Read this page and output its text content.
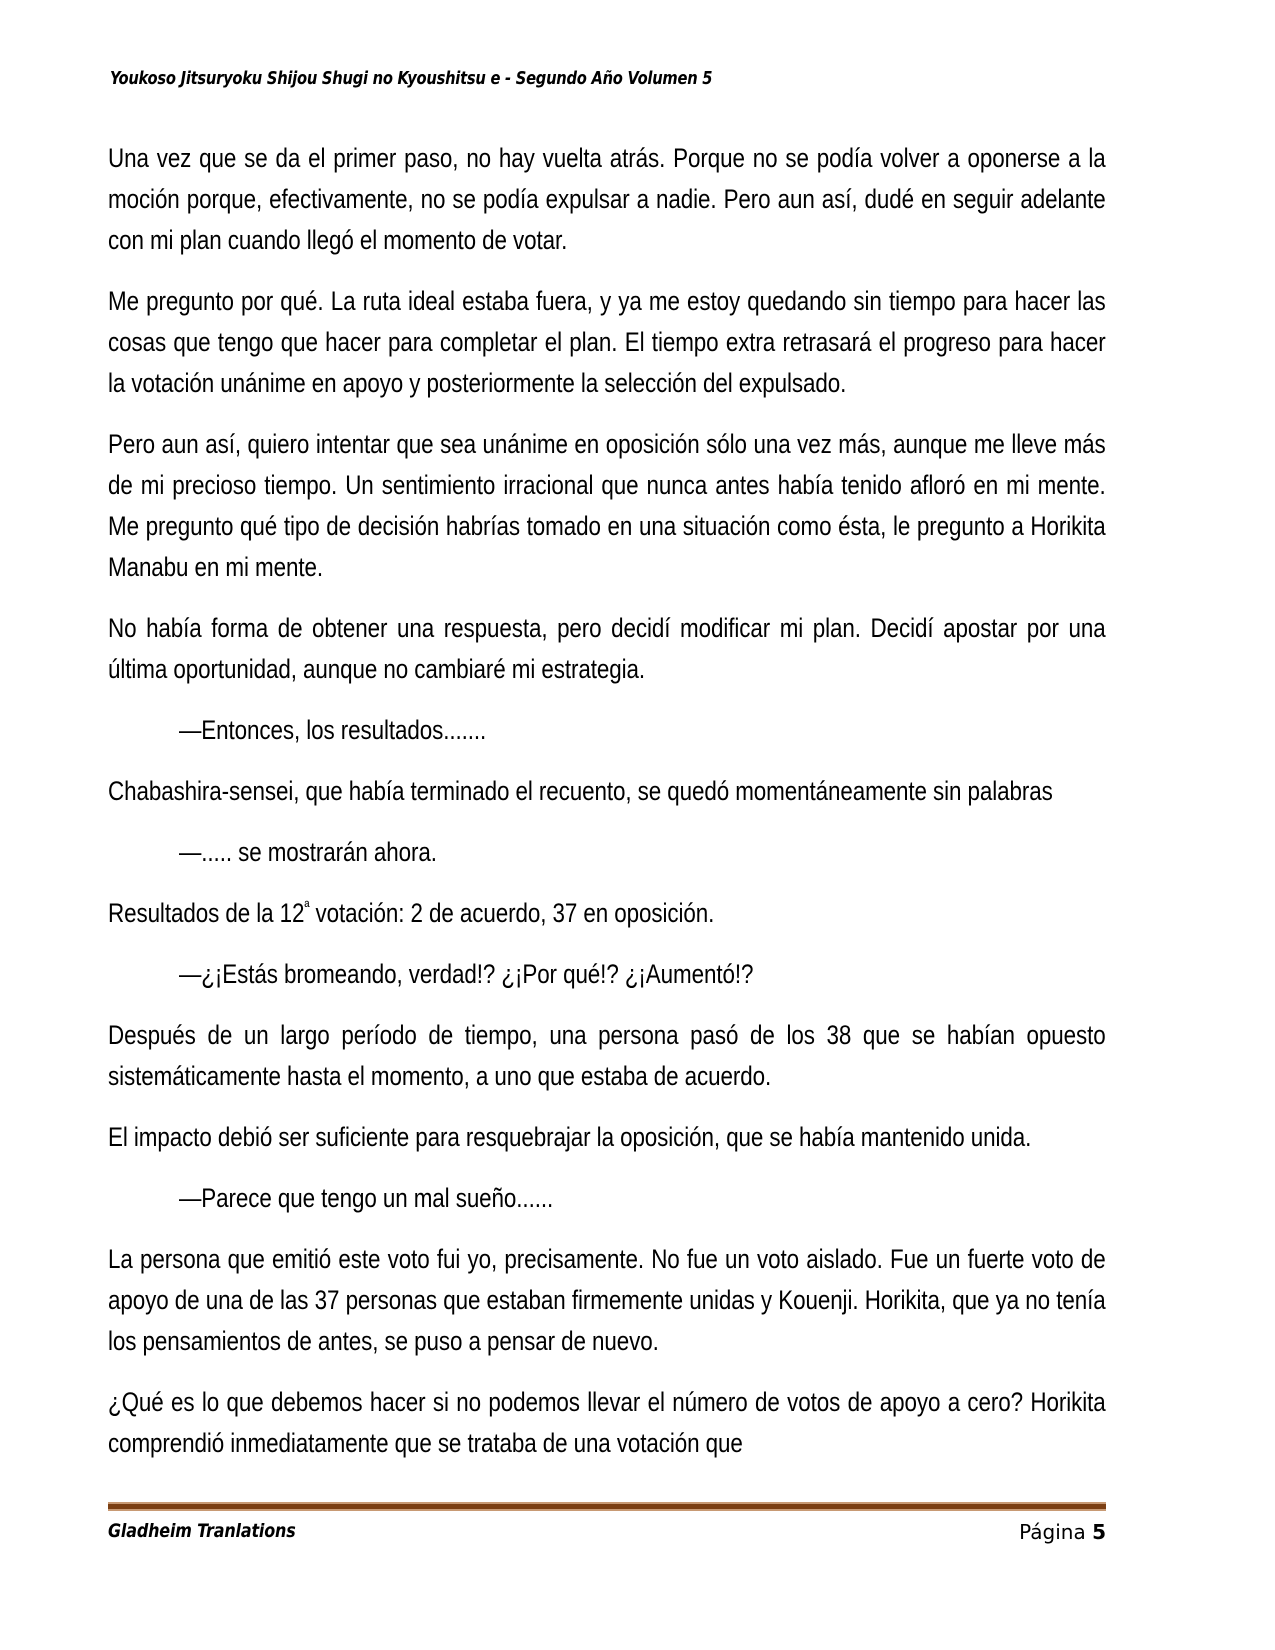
Youkoso Jitsuryoku Shijou Shugi no Kyoushitsu e - Segundo Año Volumen 5

Una vez que se da el primer paso, no hay vuelta atrás. Porque no se podía volver a oponerse a la moción porque, efectivamente, no se podía expulsar a nadie. Pero aun así, dudé en seguir adelante con mi plan cuando llegó el momento de votar.

Me pregunto por qué. La ruta ideal estaba fuera, y ya me estoy quedando sin tiempo para hacer las cosas que tengo que hacer para completar el plan. El tiempo extra retrasará el progreso para hacer la votación unánime en apoyo y posteriormente la selección del expulsado.

Pero aun así, quiero intentar que sea unánime en oposición sólo una vez más, aunque me lleve más de mi precioso tiempo. Un sentimiento irracional que nunca antes había tenido afloró en mi mente. Me pregunto qué tipo de decisión habrías tomado en una situación como ésta, le pregunto a Horikita Manabu en mi mente.

No había forma de obtener una respuesta, pero decidí modificar mi plan. Decidí apostar por una última oportunidad, aunque no cambiaré mi estrategia.

—Entonces, los resultados.......

Chabashira-sensei, que había terminado el recuento, se quedó momentáneamente sin palabras

—..... se mostrarán ahora.

Resultados de la $12^ª$ votación: 2 de acuerdo, 37 en oposición.

—¿¡Estás bromeando, verdad!? ¿¡Por qué!? ¿¡Aumentó!?

Después de un largo período de tiempo, una persona pasó de los 38 que se habían opuesto sistemáticamente hasta el momento, a uno que estaba de acuerdo.

El impacto debió ser suficiente para resquebrajar la oposición, que se había mantenido unida.

—Parece que tengo un mal sueño......

La persona que emitió este voto fui yo, precisamente. No fue un voto aislado. Fue un fuerte voto de apoyo de una de las 37 personas que estaban firmemente unidas y Kouenji. Horikita, que ya no tenía los pensamientos de antes, se puso a pensar de nuevo.

¿Qué es lo que debemos hacer si no podemos llevar el número de votos de apoyo a cero? Horikita comprendió inmediatamente que se trataba de una votación que

Gladheim Tranlations	Página 5
